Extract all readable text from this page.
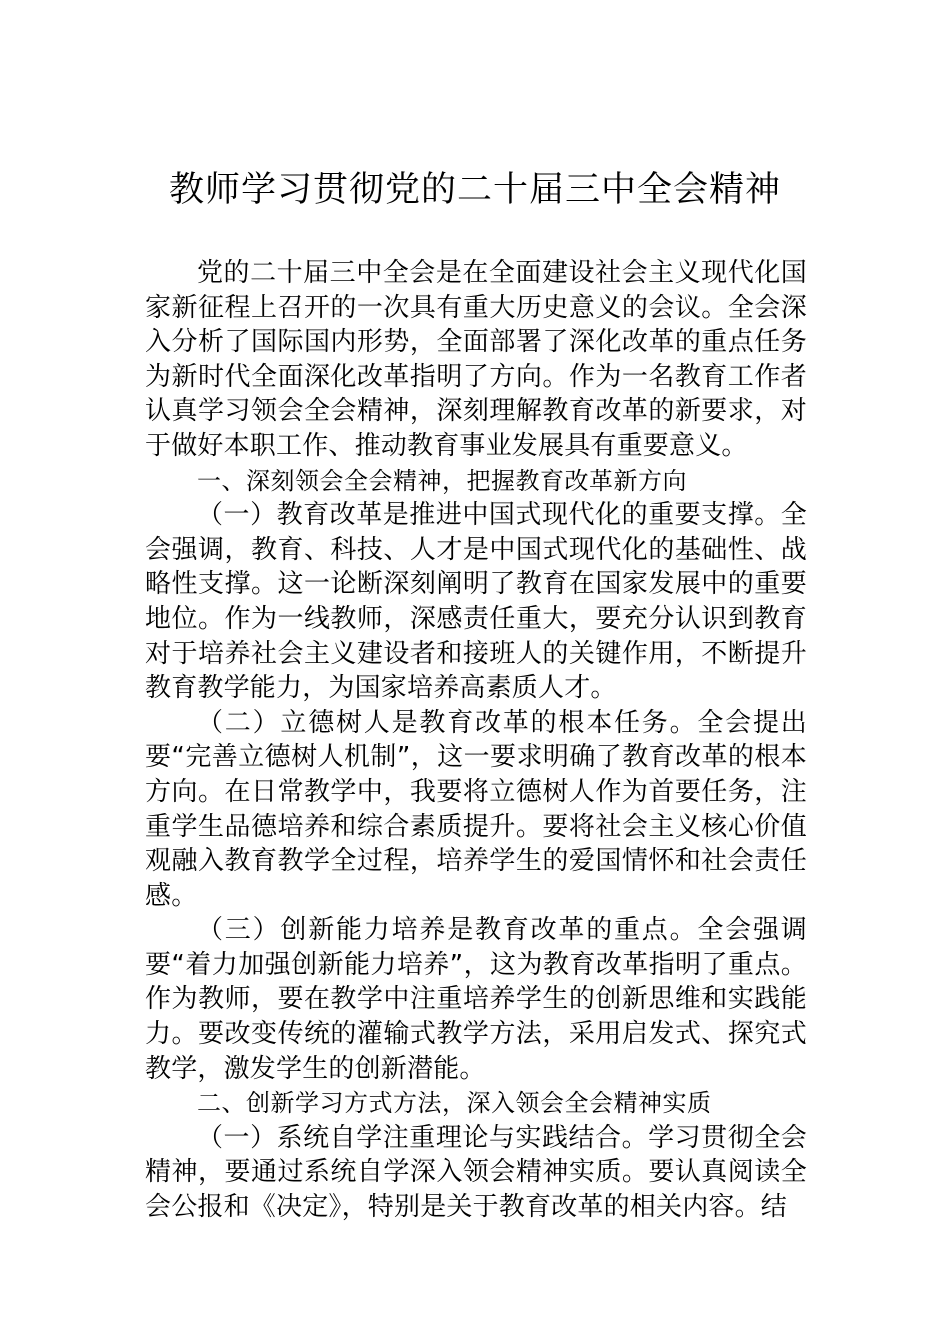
教师学习贯彻党的二十届三中全会精神

党的二十届三中全会是在全面建设社会主义现代化国家新征程上召开的一次具有重大历史意义的会议。全会深入分析了国际国内形势，全面部署了深化改革的重点任务为新时代全面深化改革指明了方向。作为一名教育工作者认真学习领会全会精神，深刻理解教育改革的新要求，对于做好本职工作、推动教育事业发展具有重要意义。

一、深刻领会全会精神，把握教育改革新方向

（一）教育改革是推进中国式现代化的重要支撑。全会强调，教育、科技、人才是中国式现代化的基础性、战略性支撑。这一论断深刻阐明了教育在国家发展中的重要地位。作为一线教师，深感责任重大，要充分认识到教育对于培养社会主义建设者和接班人的关键作用，不断提升教育教学能力，为国家培养高素质人才。

（二）立德树人是教育改革的根本任务。全会提出要“完善立德树人机制”，这一要求明确了教育改革的根本方向。在日常教学中，我要将立德树人作为首要任务，注重学生品德培养和综合素质提升。要将社会主义核心价值观融入教育教学全过程，培养学生的爱国情怀和社会责任感。

（三）创新能力培养是教育改革的重点。全会强调要“着力加强创新能力培养”，这为教育改革指明了重点。作为教师，要在教学中注重培养学生的创新思维和实践能力。要改变传统的灌输式教学方法，采用启发式、探究式教学，激发学生的创新潜能。

二、创新学习方式方法，深入领会全会精神实质

（一）系统自学注重理论与实践结合。学习贯彻全会精神，要通过系统自学深入领会精神实质。要认真阅读全会公报和《决定》，特别是关于教育改革的相关内容。结
